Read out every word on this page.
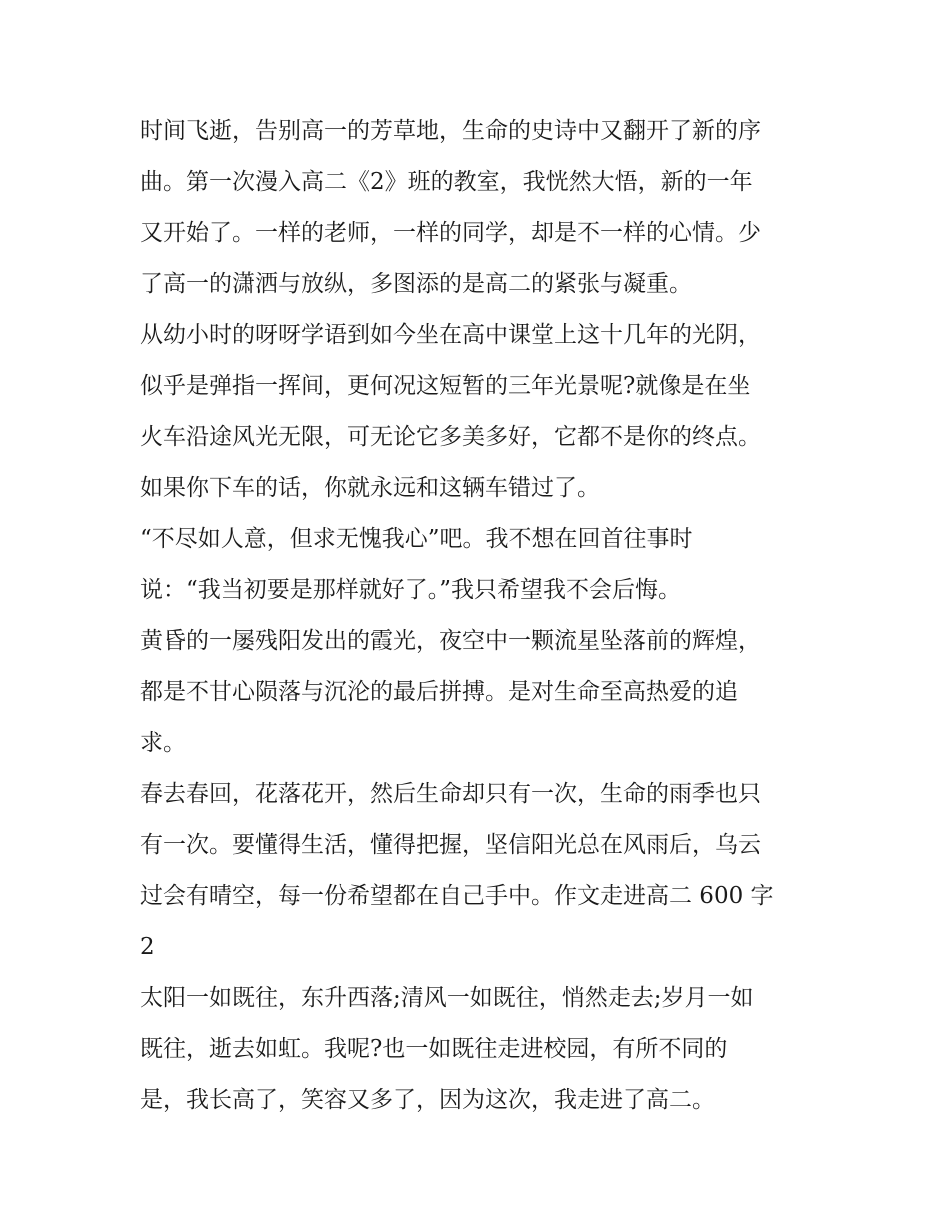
时间飞逝，告别高一的芳草地，生命的史诗中又翻开了新的序
曲。第一次漫入高二《2》班的教室，我恍然大悟，新的一年
又开始了。一样的老师，一样的同学，却是不一样的心情。少
了高一的潇洒与放纵，多图添的是高二的紧张与凝重。
从幼小时的呀呀学语到如今坐在高中课堂上这十几年的光阴，
似乎是弹指一挥间，更何况这短暂的三年光景呢?就像是在坐
火车沿途风光无限，可无论它多美多好，它都不是你的终点。
如果你下车的话，你就永远和这辆车错过了。
“不尽如人意，但求无愧我心”吧。我不想在回首往事时
说：“我当初要是那样就好了。”我只希望我不会后悔。
黄昏的一屡残阳发出的霞光，夜空中一颗流星坠落前的辉煌，
都是不甘心陨落与沉沦的最后拼搏。是对生命至高热爱的追
求。
春去春回，花落花开，然后生命却只有一次，生命的雨季也只
有一次。要懂得生活，懂得把握，坚信阳光总在风雨后，乌云
过会有晴空，每一份希望都在自己手中。作文走进高二 600 字
2
太阳一如既往，东升西落;清风一如既往，悄然走去;岁月一如
既往，逝去如虹。我呢?也一如既往走进校园，有所不同的
是，我长高了，笑容又多了，因为这次，我走进了高二。
